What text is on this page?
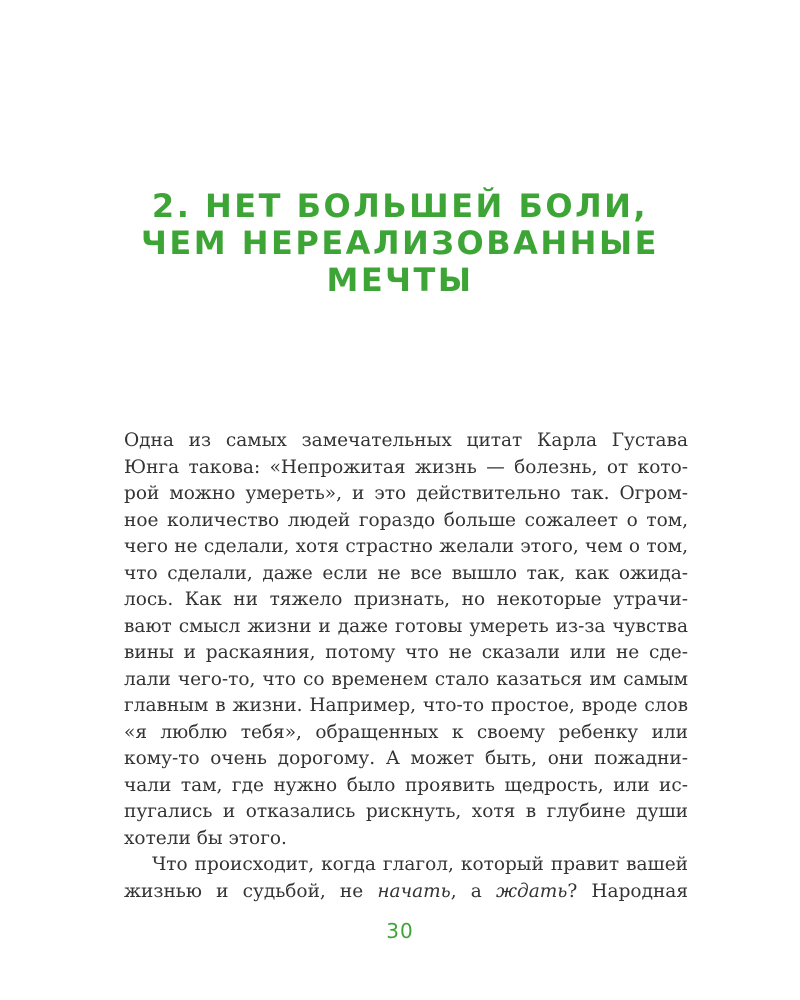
2. НЕТ БОЛЬШЕЙ БОЛИ,
ЧЕМ НЕРЕАЛИЗОВАННЫЕ
МЕЧТЫ

Одна из самых замечательных цитат Карла Густава
Юнга такова: «Непрожитая жизнь — болезнь, от кото-
рой можно умереть», и это действительно так. Огром-
ное количество людей гораздо больше сожалеет о том,
чего не сделали, хотя страстно желали этого, чем о том,
что сделали, даже если не все вышло так, как ожида-
лось. Как ни тяжело признать, но некоторые утрачи-
вают смысл жизни и даже готовы умереть из-за чувства
вины и раскаяния, потому что не сказали или не сде-
лали чего-то, что со временем стало казаться им самым
главным в жизни. Например, что-то простое, вроде слов
«я люблю тебя», обращенных к своему ребенку или
кому-то очень дорогому. А может быть, они пожадни-
чали там, где нужно было проявить щедрость, или ис-
пугались и отказались рискнуть, хотя в глубине души
хотели бы этого.

Что происходит, когда глагол, который правит вашей
жизнью и судьбой, не начать, а ждать? Народная

30
